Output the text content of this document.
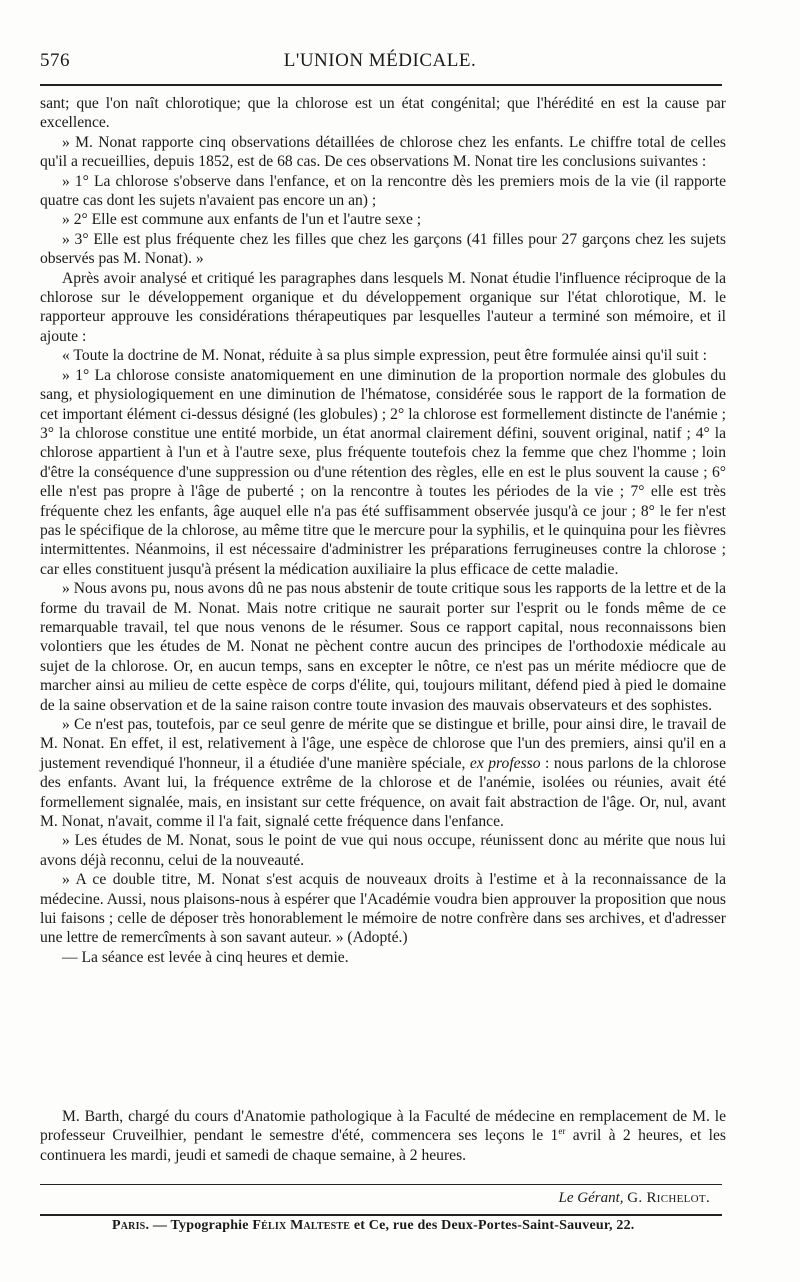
576	L'UNION MÉDICALE.

sant; que l'on naît chlorotique; que la chlorose est un état congénital; que l'hérédité en est la cause par excellence.

» M. Nonat rapporte cinq observations détaillées de chlorose chez les enfants. Le chiffre total de celles qu'il a recueillies, depuis 1852, est de 68 cas. De ces observations M. Nonat tire les conclusions suivantes :

» 1° La chlorose s'observe dans l'enfance, et on la rencontre dès les premiers mois de la vie (il rapporte quatre cas dont les sujets n'avaient pas encore un an) ;

» 2° Elle est commune aux enfants de l'un et l'autre sexe ;

» 3° Elle est plus fréquente chez les filles que chez les garçons (41 filles pour 27 garçons chez les sujets observés pas M. Nonat). »

Après avoir analysé et critiqué les paragraphes dans lesquels M. Nonat étudie l'influence réciproque de la chlorose sur le développement organique et du développement organique sur l'état chlorotique, M. le rapporteur approuve les considérations thérapeutiques par lesquelles l'auteur a terminé son mémoire, et il ajoute :

« Toute la doctrine de M. Nonat, réduite à sa plus simple expression, peut être formulée ainsi qu'il suit :

» 1° La chlorose consiste anatomiquement en une diminution de la proportion normale des globules du sang, et physiologiquement en une diminution de l'hématose, considérée sous le rapport de la formation de cet important élément ci-dessus désigné (les globules) ; 2° la chlorose est formellement distincte de l'anémie ; 3° la chlorose constitue une entité morbide, un état anormal clairement défini, souvent original, natif ; 4° la chlorose appartient à l'un et à l'autre sexe, plus fréquente toutefois chez la femme que chez l'homme ; loin d'être la conséquence d'une suppression ou d'une rétention des règles, elle en est le plus souvent la cause ; 6° elle n'est pas propre à l'âge de puberté ; on la rencontre à toutes les périodes de la vie ; 7° elle est très fréquente chez les enfants, âge auquel elle n'a pas été suffisamment observée jusqu'à ce jour ; 8° le fer n'est pas le spécifique de la chlorose, au même titre que le mercure pour la syphilis, et le quinquina pour les fièvres intermittentes. Néanmoins, il est nécessaire d'administrer les préparations ferrugineuses contre la chlorose ; car elles constituent jusqu'à présent la médication auxiliaire la plus efficace de cette maladie.

» Nous avons pu, nous avons dû ne pas nous abstenir de toute critique sous les rapports de la lettre et de la forme du travail de M. Nonat. Mais notre critique ne saurait porter sur l'esprit ou le fonds même de ce remarquable travail, tel que nous venons de le résumer. Sous ce rapport capital, nous reconnaissons bien volontiers que les études de M. Nonat ne pèchent contre aucun des principes de l'orthodoxie médicale au sujet de la chlorose. Or, en aucun temps, sans en excepter le nôtre, ce n'est pas un mérite médiocre que de marcher ainsi au milieu de cette espèce de corps d'élite, qui, toujours militant, défend pied à pied le domaine de la saine observation et de la saine raison contre toute invasion des mauvais observateurs et des sophistes.

» Ce n'est pas, toutefois, par ce seul genre de mérite que se distingue et brille, pour ainsi dire, le travail de M. Nonat. En effet, il est, relativement à l'âge, une espèce de chlorose que l'un des premiers, ainsi qu'il en a justement revendiqué l'honneur, il a étudiée d'une manière spéciale, ex professo : nous parlons de la chlorose des enfants. Avant lui, la fréquence extrême de la chlorose et de l'anémie, isolées ou réunies, avait été formellement signalée, mais, en insistant sur cette fréquence, on avait fait abstraction de l'âge. Or, nul, avant M. Nonat, n'avait, comme il l'a fait, signalé cette fréquence dans l'enfance.

» Les études de M. Nonat, sous le point de vue qui nous occupe, réunissent donc au mérite que nous lui avons déjà reconnu, celui de la nouveauté.

» A ce double titre, M. Nonat s'est acquis de nouveaux droits à l'estime et à la reconnaissance de la médecine. Aussi, nous plaisons-nous à espérer que l'Académie voudra bien approuver la proposition que nous lui faisons ; celle de déposer très honorablement le mémoire de notre confrère dans ses archives, et d'adresser une lettre de remercîments à son savant auteur. » (Adopté.)

— La séance est levée à cinq heures et demie.

M. Barth, chargé du cours d'Anatomie pathologique à la Faculté de médecine en remplacement de M. le professeur Cruveilhier, pendant le semestre d'été, commencera ses leçons le 1er avril à 2 heures, et les continuera les mardi, jeudi et samedi de chaque semaine, à 2 heures.

Le Gérant, G. Richelot.
Paris. — Typographie Félix Malteste et Ce, rue des Deux-Portes-Saint-Sauveur, 22.
